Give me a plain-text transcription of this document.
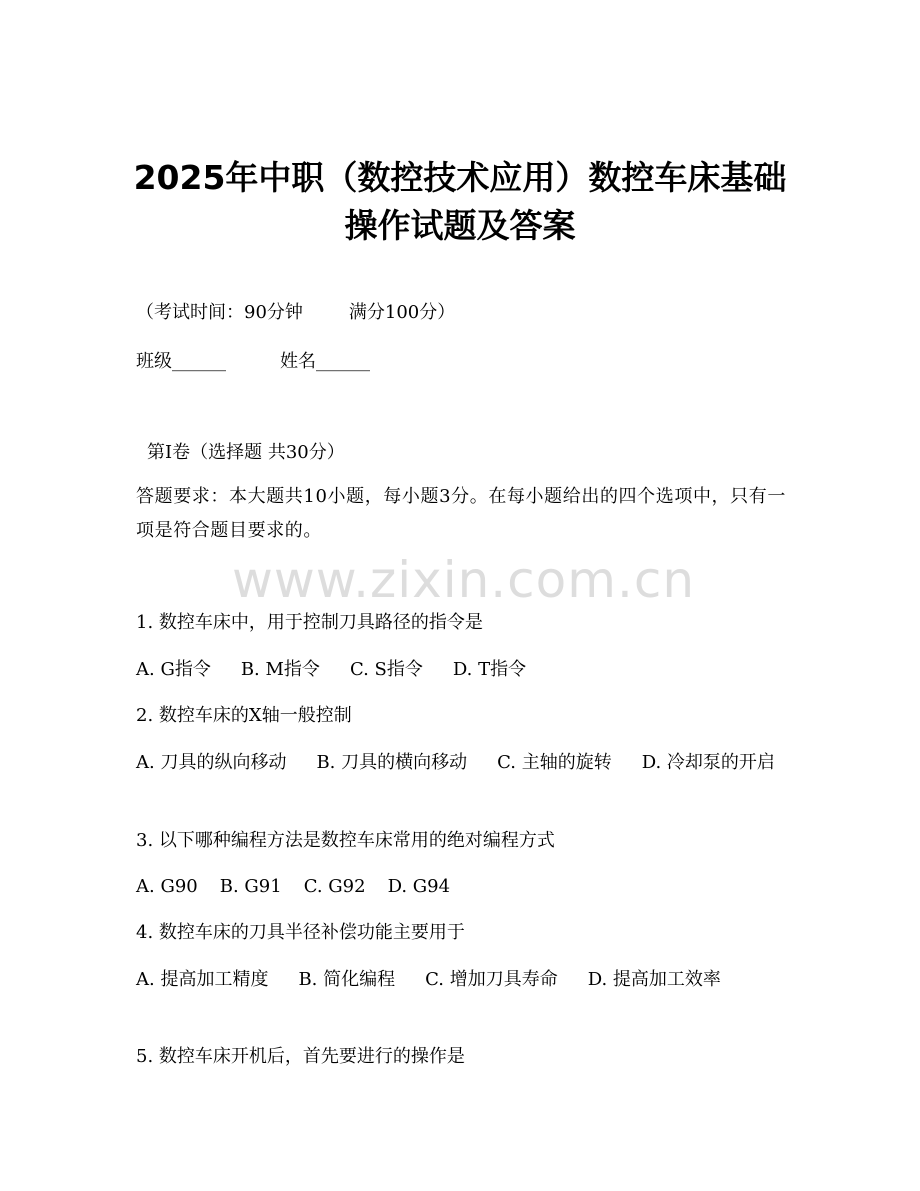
2025年中职（数控技术应用）数控车床基础
操作试题及答案
（考试时间：90分钟	满分100分）
班级______	姓名______
第Ⅰ卷（选择题 共30分）
答题要求：本大题共10小题，每小题3分。在每小题给出的四个选项中，只有一项是符合题目要求的。
www.zixin.com.cn
1. 数控车床中，用于控制刀具路径的指令是
A. G指令 B. M指令 C. S指令 D. T指令
2. 数控车床的X轴一般控制
A. 刀具的纵向移动 B. 刀具的横向移动 C. 主轴的旋转 D. 冷却泵的开启
3. 以下哪种编程方法是数控车床常用的绝对编程方式
A. G90 B. G91 C. G92 D. G94
4. 数控车床的刀具半径补偿功能主要用于
A. 提高加工精度 B. 简化编程 C. 增加刀具寿命 D. 提高加工效率
5. 数控车床开机后，首先要进行的操作是
